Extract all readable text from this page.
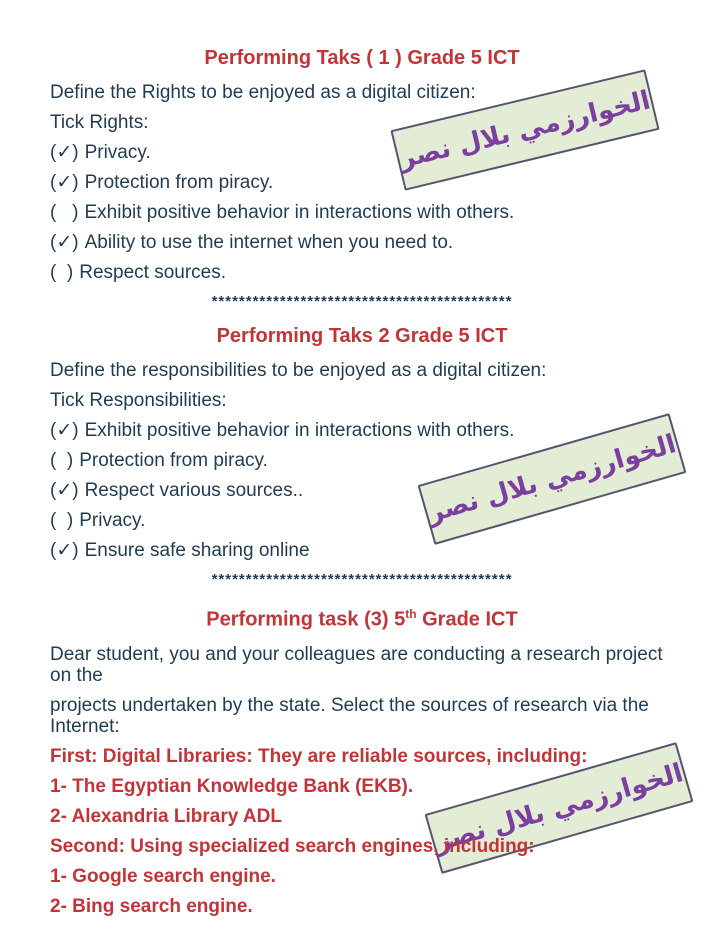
الخوارزمي بلال نصر
الخوارزمي بلال نصر
الخوارزمي بلال نصر
Performing Taks ( 1 ) Grade 5 ICT

Define the Rights to be enjoyed as a digital citizen:

Tick Rights:

(✓) Privacy.

(✓) Protection from piracy.

(   ) Exhibit positive behavior in interactions with others.

(✓) Ability to use the internet when you need to.

(  ) Respect sources.

********************************************
Performing Taks 2 Grade 5 ICT

Define the responsibilities to be enjoyed as a digital citizen:

Tick Responsibilities:

(✓) Exhibit positive behavior in interactions with others.

(  ) Protection from piracy.

(✓) Respect various sources..

(  ) Privacy.

(✓) Ensure safe sharing online

********************************************
Performing task (3) 5th Grade ICT

Dear student, you and your colleagues are conducting a research project on the

projects undertaken by the state. Select the sources of research via the Internet:

First: Digital Libraries: They are reliable sources, including:

1- The Egyptian Knowledge Bank (EKB).

2- Alexandria Library ADL

Second: Using specialized search engines, including:

1- Google search engine.

2- Bing search engine.
